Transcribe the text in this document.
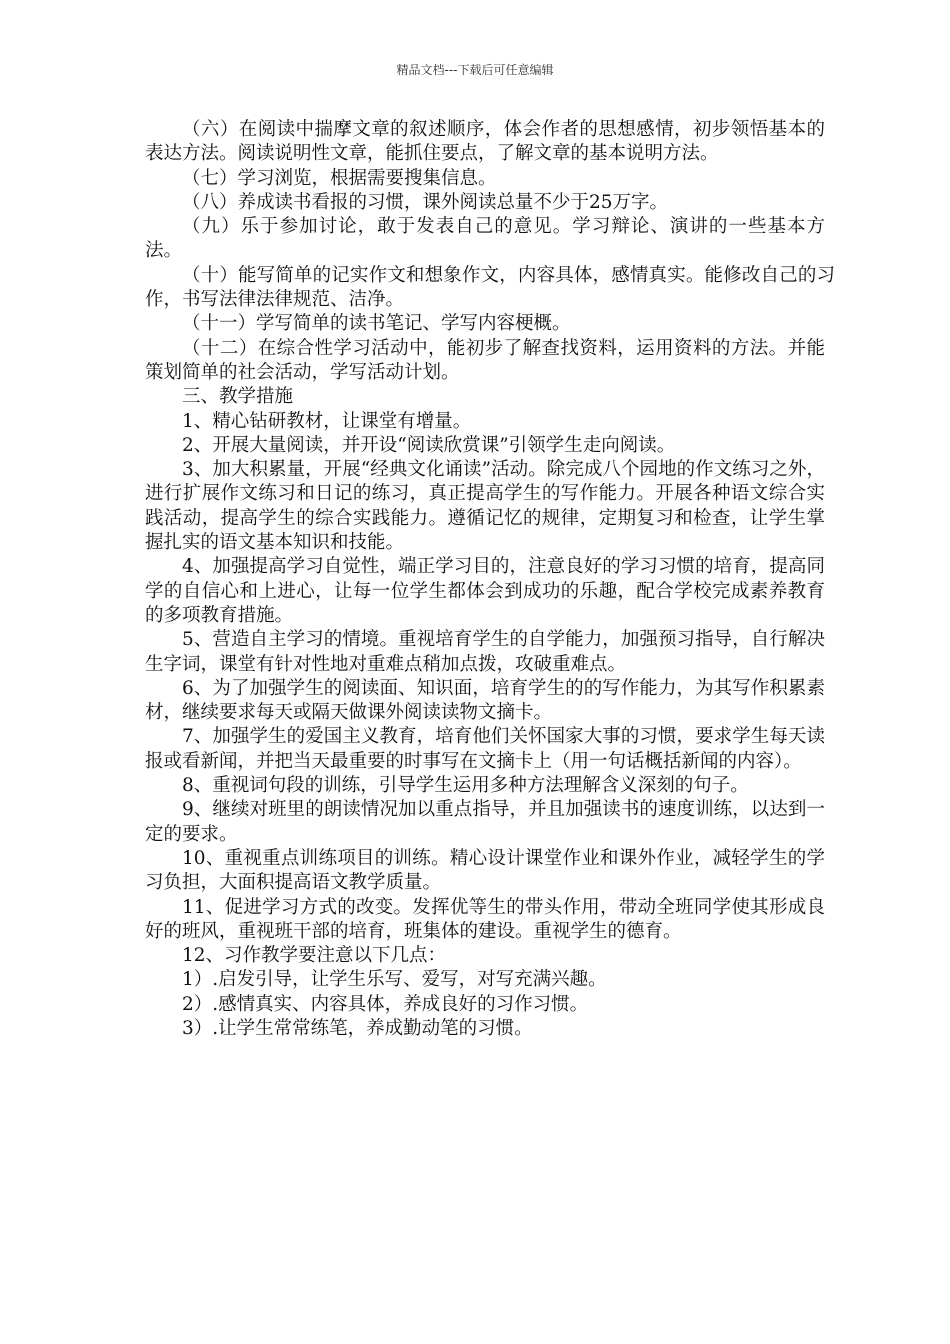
精品文档---下载后可任意编辑

（六）在阅读中揣摩文章的叙述顺序，体会作者的思想感情，初步领悟基本的表达方法。阅读说明性文章，能抓住要点，了解文章的基本说明方法。

（七）学习浏览，根据需要搜集信息。

（八）养成读书看报的习惯，课外阅读总量不少于25万字。

（九）乐于参加讨论，敢于发表自己的意见。学习辩论、演讲的一些基本方法。

（十）能写简单的记实作文和想象作文，内容具体，感情真实。能修改自己的习作，书写法律法律规范、洁净。

（十一）学写简单的读书笔记、学写内容梗概。

（十二）在综合性学习活动中，能初步了解查找资料，运用资料的方法。并能策划简单的社会活动，学写活动计划。

三、教学措施

1、精心钻研教材，让课堂有增量。

2、开展大量阅读，并开设“阅读欣赏课”引领学生走向阅读。

3、加大积累量，开展“经典文化诵读”活动。除完成八个园地的作文练习之外，进行扩展作文练习和日记的练习，真正提高学生的写作能力。开展各种语文综合实践活动，提高学生的综合实践能力。遵循记忆的规律，定期复习和检查，让学生掌握扎实的语文基本知识和技能。

4、加强提高学习自觉性，端正学习目的，注意良好的学习习惯的培育，提高同学的自信心和上进心，让每一位学生都体会到成功的乐趣，配合学校完成素养教育的多项教育措施。

5、营造自主学习的情境。重视培育学生的自学能力，加强预习指导，自行解决生字词，课堂有针对性地对重难点稍加点拨，攻破重难点。

6、为了加强学生的阅读面、知识面，培育学生的的写作能力，为其写作积累素材，继续要求每天或隔天做课外阅读读物文摘卡。

7、加强学生的爱国主义教育，培育他们关怀国家大事的习惯，要求学生每天读报或看新闻，并把当天最重要的时事写在文摘卡上（用一句话概括新闻的内容）。

8、重视词句段的训练，引导学生运用多种方法理解含义深刻的句子。

9、继续对班里的朗读情况加以重点指导，并且加强读书的速度训练，以达到一定的要求。

10、重视重点训练项目的训练。精心设计课堂作业和课外作业，减轻学生的学习负担，大面积提高语文教学质量。

11、促进学习方式的改变。发挥优等生的带头作用，带动全班同学使其形成良好的班风，重视班干部的培育，班集体的建设。重视学生的德育。

12、习作教学要注意以下几点：

1）.启发引导，让学生乐写、爱写，对写充满兴趣。

2）.感情真实、内容具体，养成良好的习作习惯。

3）.让学生常常练笔，养成勤动笔的习惯。
